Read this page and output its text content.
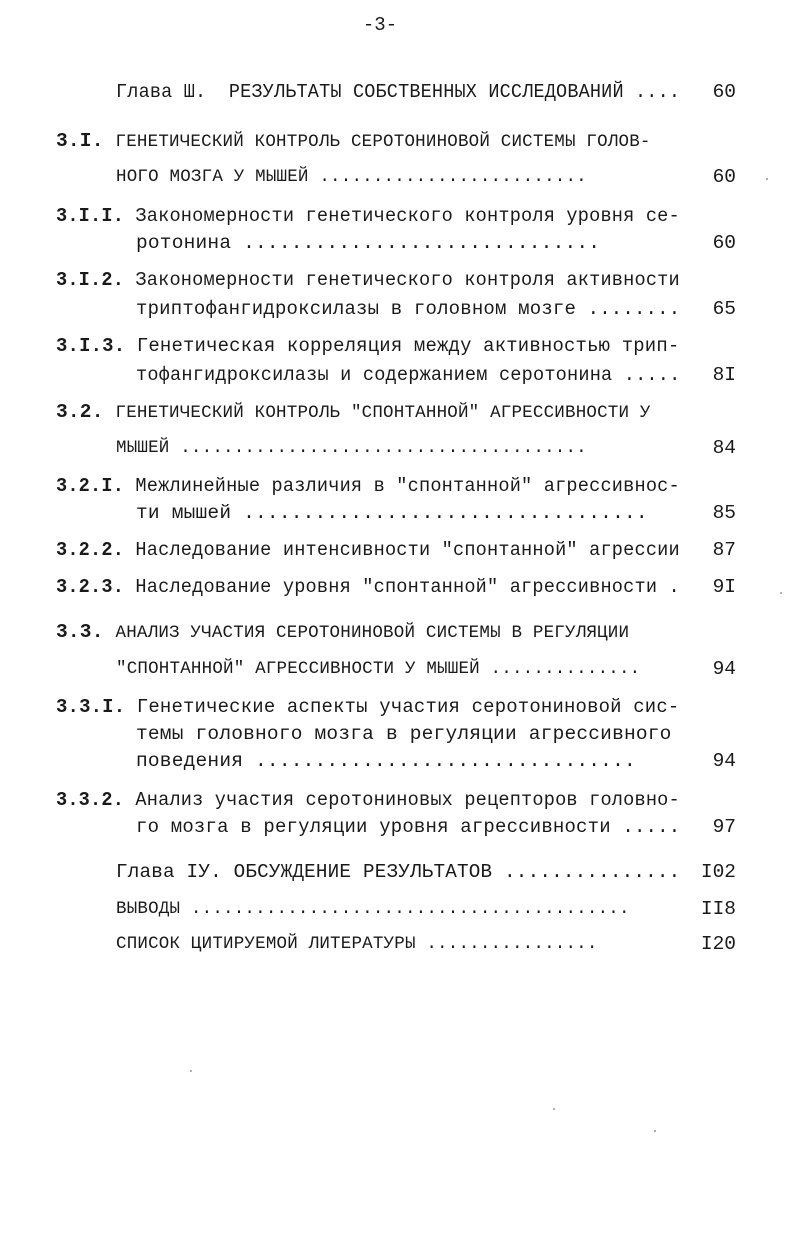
-3-
Глава Ш.  РЕЗУЛЬТАТЫ СОБСТВЕННЫХ ИССЛЕДОВАНИЙ ....	60
3.I. ГЕНЕТИЧЕСКИЙ КОНТРОЛЬ СЕРОТОНИНОВОЙ СИСТЕМЫ ГОЛОВ-
НОГО МОЗГА У МЫШЕЙ .........................	60
3.I.I. Закономерности генетического контроля уровня се-
ротонина ..............................	60
3.I.2. Закономерности генетического контроля активности
триптофангидроксилазы в головном мозге ........	65
3.I.3. Генетическая корреляция между активностью трип-
тофангидроксилазы и содержанием серотонина .....	8I
3.2. ГЕНЕТИЧЕСКИЙ КОНТРОЛЬ "СПОНТАННОЙ" АГРЕССИВНОСТИ У
МЫШЕЙ ......................................	84
3.2.I. Межлинейные различия в "спонтанной" агрессивнос-
ти мышей ..................................	85
3.2.2. Наследование интенсивности "спонтанной" агрессии	87
3.2.3. Наследование уровня "спонтанной" агрессивности .	9I
3.3. АНАЛИЗ УЧАСТИЯ СЕРОТОНИНОВОЙ СИСТЕМЫ В РЕГУЛЯЦИИ
"СПОНТАННОЙ" АГРЕССИВНОСТИ У МЫШЕЙ ..............	94
3.3.I. Генетические аспекты участия серотониновой сис-
темы головного мозга в регуляции агрессивного
поведения ................................	94
3.3.2. Анализ участия серотониновых рецепторов головно-
го мозга в регуляции уровня агрессивности .....	97
Глава IУ. ОБСУЖДЕНИЕ РЕЗУЛЬТАТОВ ...............	I02
ВЫВОДЫ .........................................	II8
СПИСОК ЦИТИРУЕМОЙ ЛИТЕРАТУРЫ ................	I20
